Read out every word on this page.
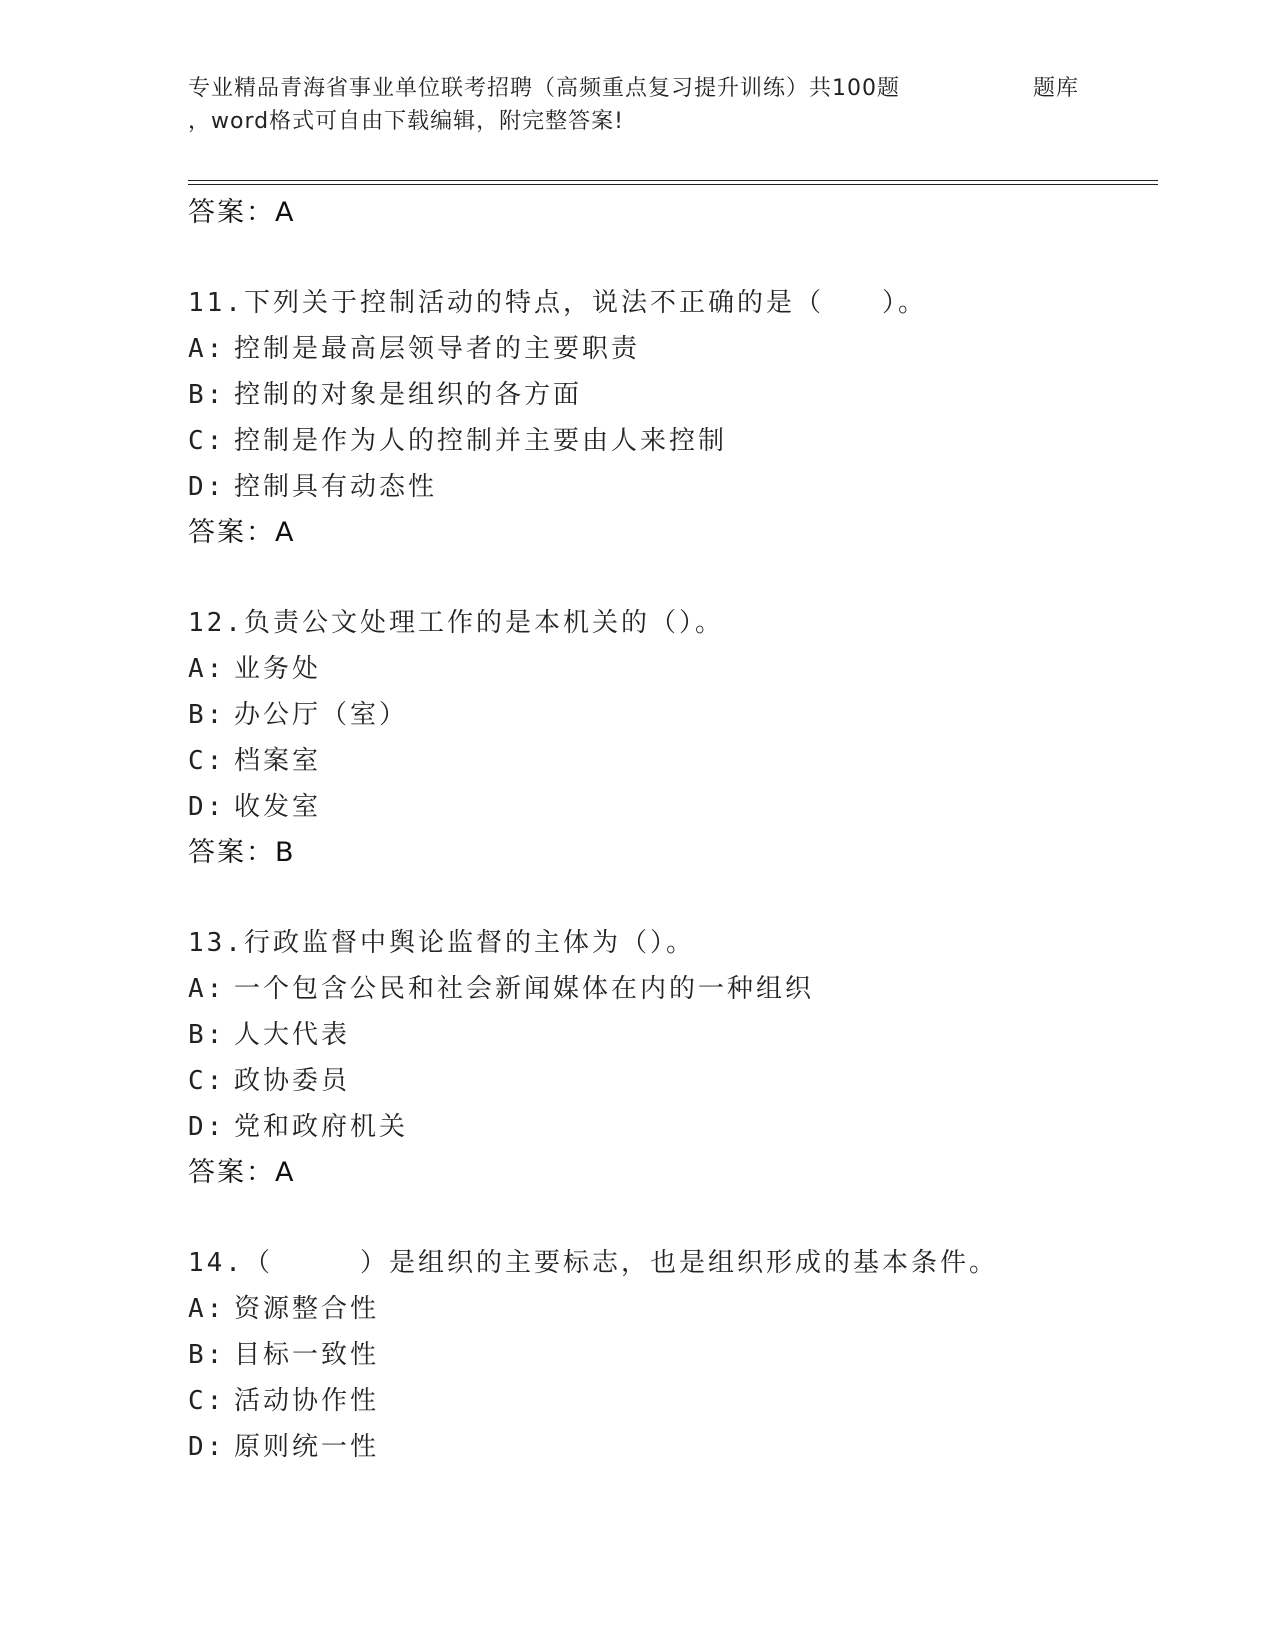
专业精品青海省事业单位联考招聘（高频重点复习提升训练）共100题	题库
，word格式可自由下载编辑，附完整答案!
答案：A
11.下列关于控制活动的特点，说法不正确的是（　　）。
A: 控制是最高层领导者的主要职责
B: 控制的对象是组织的各方面
C: 控制是作为人的控制并主要由人来控制
D: 控制具有动态性
答案：A
12.负责公文处理工作的是本机关的（）。
A: 业务处
B: 办公厅（室）
C: 档案室
D: 收发室
答案：B
13.行政监督中舆论监督的主体为（）。
A: 一个包含公民和社会新闻媒体在内的一种组织
B: 人大代表
C: 政协委员
D: 党和政府机关
答案：A
14.（　　　）是组织的主要标志，也是组织形成的基本条件。
A: 资源整合性
B: 目标一致性
C: 活动协作性
D: 原则统一性
